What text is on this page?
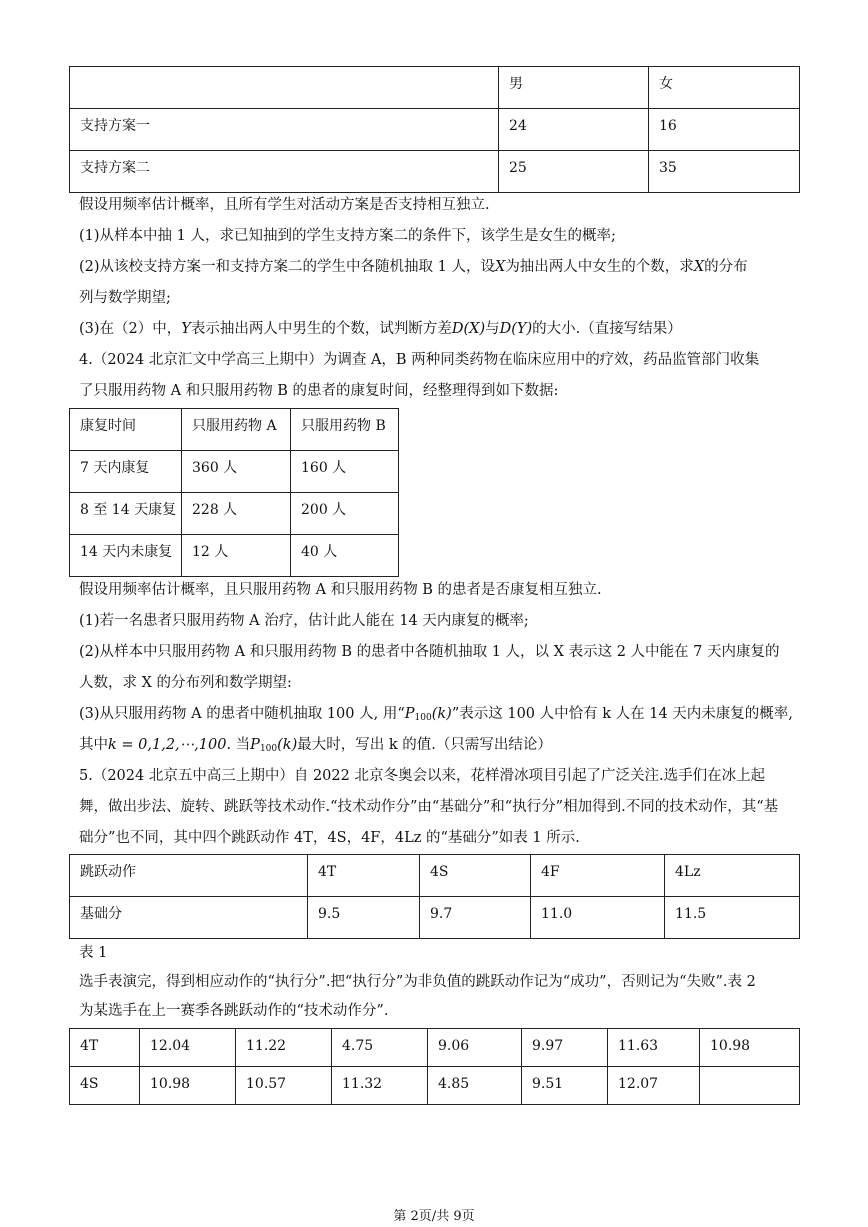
	男	女

支持方案一	24	16

支持方案二	25	35
假设用频率估计概率，且所有学生对活动方案是否支持相互独立.
(1)从样本中抽 1 人，求已知抽到的学生支持方案二的条件下，该学生是女生的概率;
(2)从该校支持方案一和支持方案二的学生中各随机抽取 1 人，设X为抽出两人中女生的个数，求X的分布
列与数学期望;
(3)在（2）中，Y表示抽出两人中男生的个数，试判断方差D(X)与D(Y)的大小.（直接写结果）
4.（2024 北京汇文中学高三上期中）为调查 A，B 两种同类药物在临床应用中的疗效，药品监管部门收集
了只服用药物 A 和只服用药物 B 的患者的康复时间，经整理得到如下数据:
康复时间	只服用药物 A	只服用药物 B

7 天内康复	360 人	160 人

8 至 14 天康复	228 人	200 人

14 天内未康复	12 人	40 人
假设用频率估计概率，且只服用药物 A 和只服用药物 B 的患者是否康复相互独立.
(1)若一名患者只服用药物 A 治疗，估计此人能在 14 天内康复的概率;
(2)从样本中只服用药物 A 和只服用药物 B 的患者中各随机抽取 1 人，以 X 表示这 2 人中能在 7 天内康复的
人数，求 X 的分布列和数学期望:
(3)从只服用药物 A 的患者中随机抽取 100 人, 用“$P_{100}(k)$”表示这 100 人中恰有 k 人在 14 天内未康复的概率,
其中k = 0,1,2,⋯,100. 当$P_{100}(k)$最大时，写出 k 的值.（只需写出结论）
5.（2024 北京五中高三上期中）自 2022 北京冬奥会以来，花样滑冰项目引起了广泛关注.选手们在冰上起
舞，做出步法、旋转、跳跃等技术动作.“技术动作分”由“基础分”和“执行分”相加得到.不同的技术动作，其“基
础分”也不同，其中四个跳跃动作 4T，4S，4F，4Lz 的“基础分”如表 1 所示.
跳跃动作	4T	4S	4F	4Lz

基础分	9.5	9.7	11.0	11.5
表 1
选手表演完，得到相应动作的“执行分”.把“执行分”为非负值的跳跃动作记为“成功”，否则记为“失败”.表 2
为某选手在上一赛季各跳跃动作的“技术动作分”.
4T	12.04	11.22	4.75	9.06	9.97	11.63	10.98

4S	10.98	10.57	11.32	4.85	9.51	12.07	

第 2页/共 9页
